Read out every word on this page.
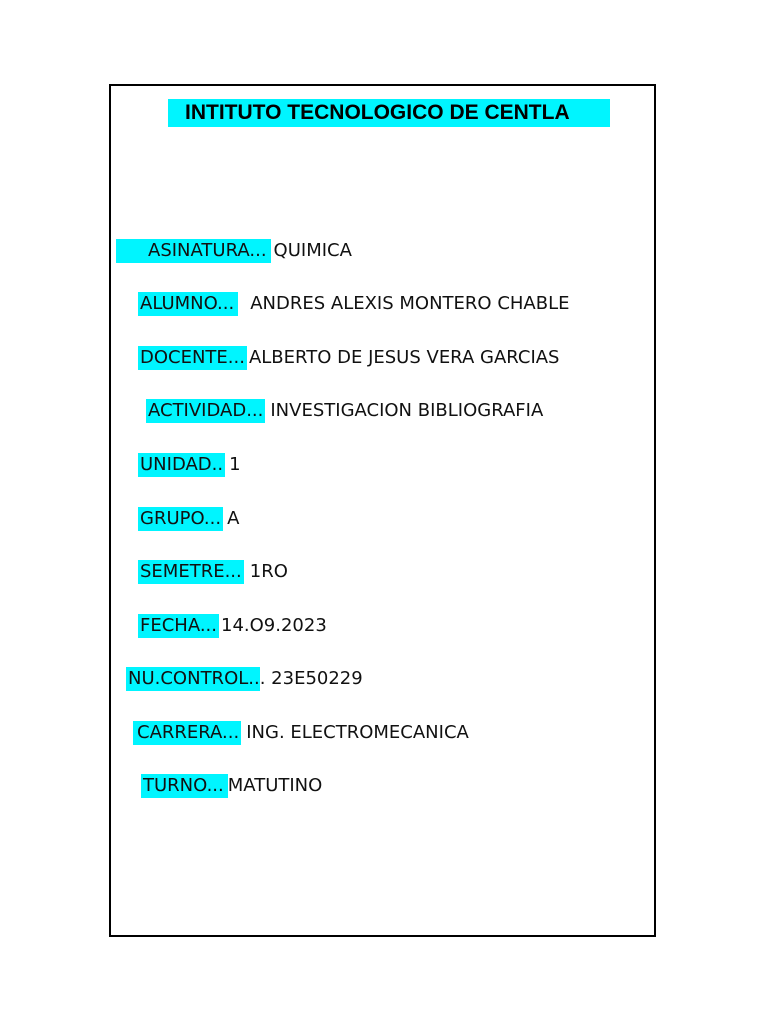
INTITUTO TECNOLOGICO DE CENTLA
ASINATURA... QUIMICA
ALUMNO... ANDRES ALEXIS MONTERO CHABLE
DOCENTE... ALBERTO DE JESUS VERA GARCIAS
ACTIVIDAD... INVESTIGACION BIBLIOGRAFIA
UNIDAD.. 1
GRUPO... A
SEMETRE... 1RO
FECHA... 14.O9.2023
NU.CONTROL... 23E50229
CARRERA... ING. ELECTROMECANICA
TURNO... MATUTINO
